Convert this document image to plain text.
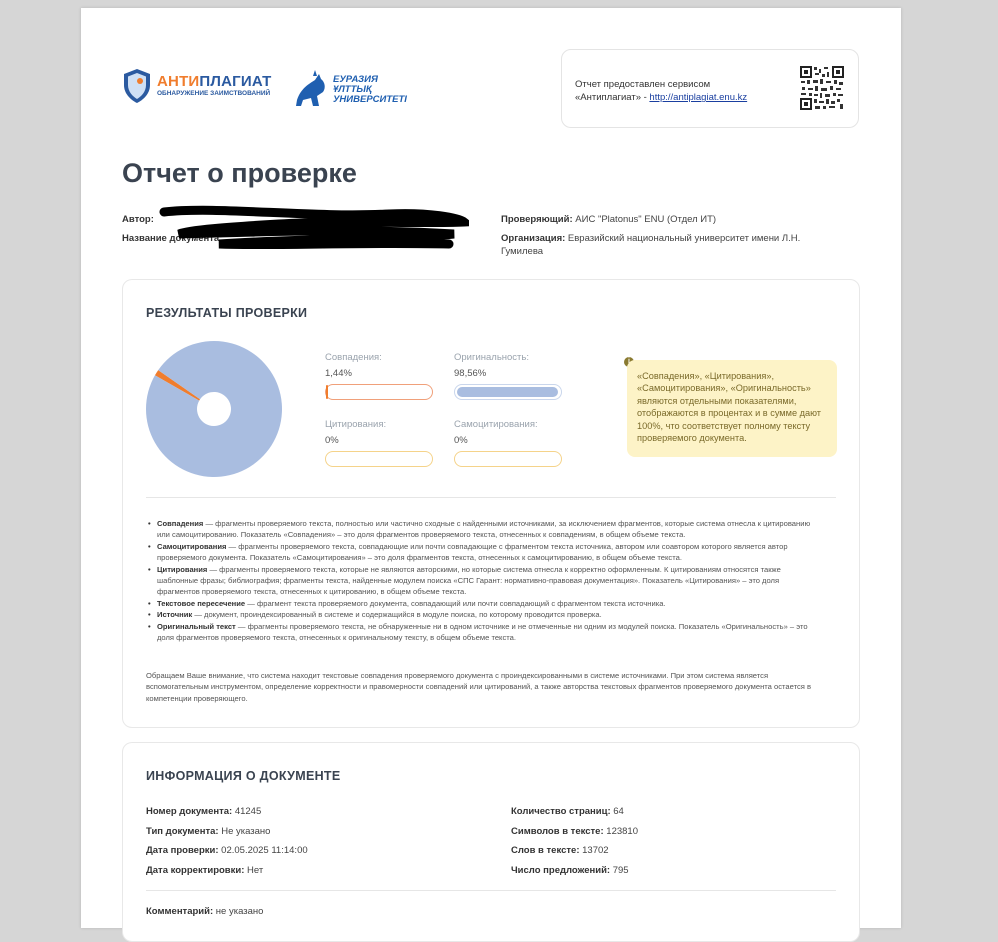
АНТИПЛАГИАТ
ОБНАРУЖЕНИЕ ЗАИМСТВОВАНИЙ
ЕУРАЗИЯ
ҰЛТТЫҚ
УНИВЕРСИТЕТІ
Отчет предоставлен сервисом
«Антиплагиат» - http://antiplagiat.enu.kz
Отчет о проверке
Автор:
Название документа:
Проверяющий: АИС "Platonus" ENU (Отдел ИТ)
Организация: Евразийский национальный университет имени Л.Н. Гумилева
РЕЗУЛЬТАТЫ ПРОВЕРКИ
Совпадения:
1,44%
Оригинальность:
98,56%
Цитирования:
0%
Самоцитирования:
0%
«Совпадения», «Цитирования», «Самоцитирования», «Оригинальность» являются отдельными показателями, отображаются в процентах и в сумме дают 100%, что соответствует полному тексту проверяемого документа.
• Совпадения — фрагменты проверяемого текста, полностью или частично сходные с найденными источниками, за исключением фрагментов, которые система отнесла к цитированию или самоцитированию. Показатель «Совпадения» – это доля фрагментов проверяемого текста, отнесенных к совпадениям, в общем объеме текста.
• Самоцитирования — фрагменты проверяемого текста, совпадающие или почти совпадающие с фрагментом текста источника, автором или соавтором которого является автор проверяемого документа. Показатель «Самоцитирования» – это доля фрагментов текста, отнесенных к самоцитированию, в общем объеме текста.
• Цитирования — фрагменты проверяемого текста, которые не являются авторскими, но которые система отнесла к корректно оформленным. К цитированиям относятся также шаблонные фразы; библиография; фрагменты текста, найденные модулем поиска «СПС Гарант: нормативно-правовая документация». Показатель «Цитирования» – это доля фрагментов проверяемого текста, отнесенных к цитированию, в общем объеме текста.
• Текстовое пересечение — фрагмент текста проверяемого документа, совпадающий или почти совпадающий с фрагментом текста источника.
• Источник — документ, проиндексированный в системе и содержащийся в модуле поиска, по которому проводится проверка.
• Оригинальный текст — фрагменты проверяемого текста, не обнаруженные ни в одном источнике и не отмеченные ни одним из модулей поиска. Показатель «Оригинальность» – это доля фрагментов проверяемого текста, отнесенных к оригинальному тексту, в общем объеме текста.
Обращаем Ваше внимание, что система находит текстовые совпадения проверяемого документа с проиндексированными в системе источниками. При этом система является вспомогательным инструментом, определение корректности и правомерности совпадений или цитирований, а также авторства текстовых фрагментов проверяемого документа остается в компетенции проверяющего.
ИНФОРМАЦИЯ О ДОКУМЕНТЕ
Номер документа: 41245
Тип документа: Не указано
Дата проверки: 02.05.2025 11:14:00
Дата корректировки: Нет
Количество страниц: 64
Символов в тексте: 123810
Слов в тексте: 13702
Число предложений: 795
Комментарий: не указано
